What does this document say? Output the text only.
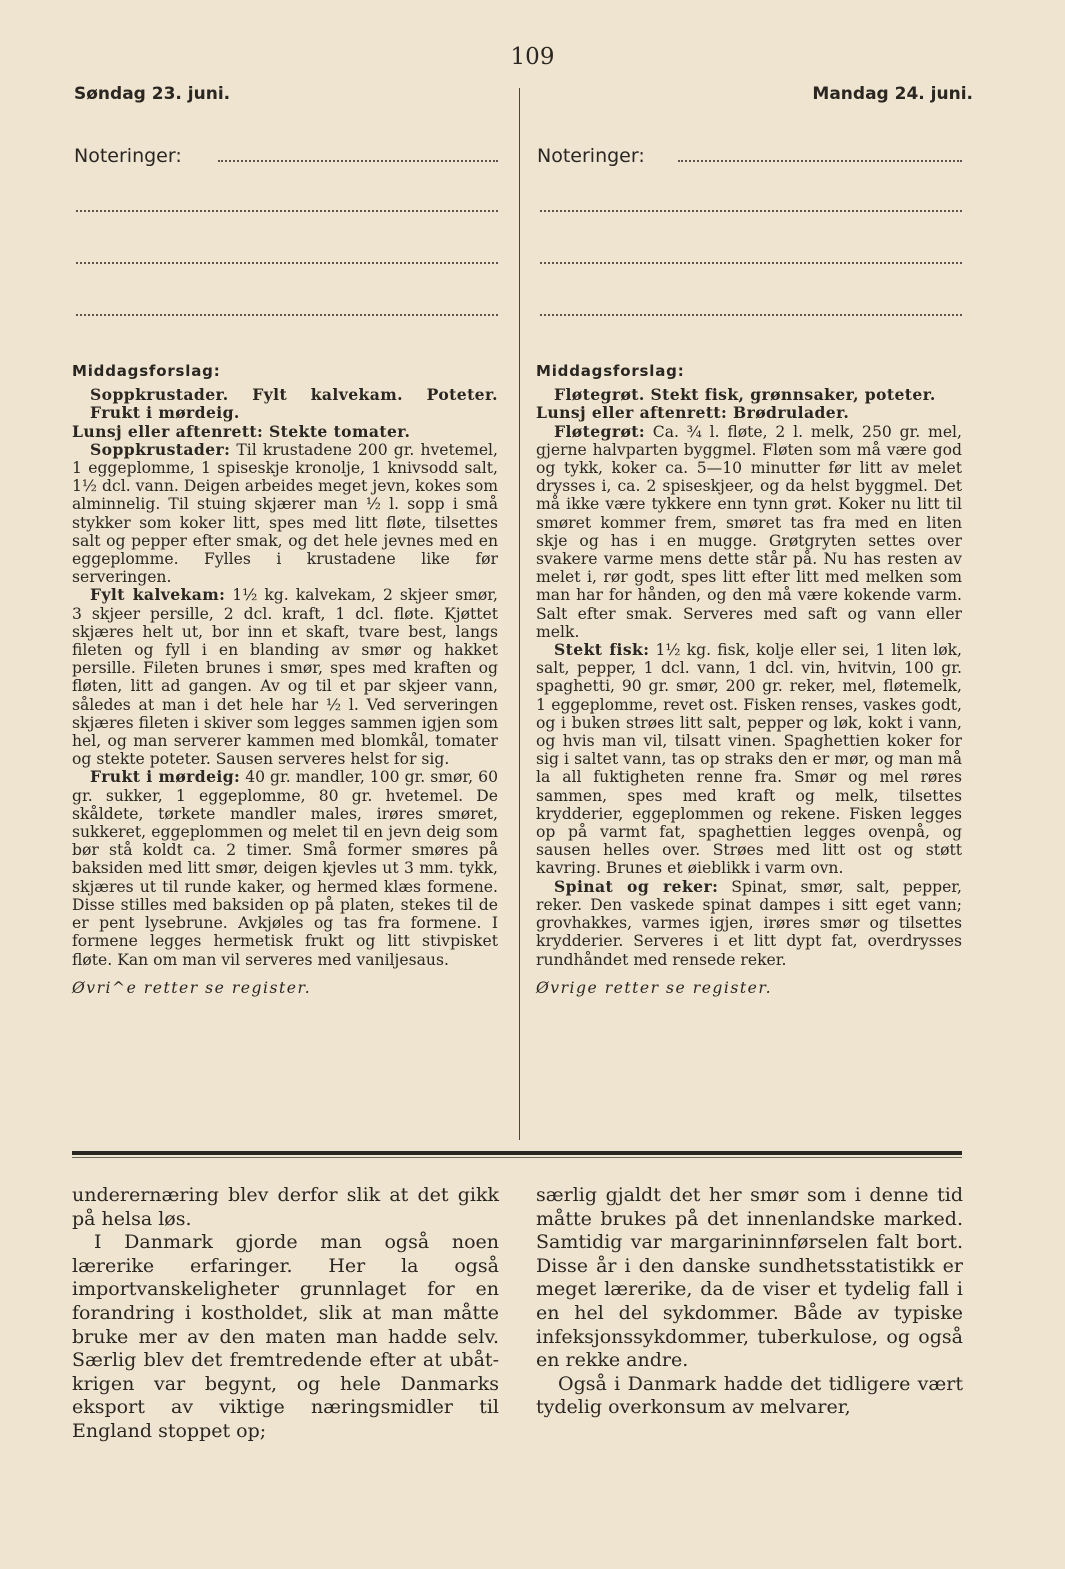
109
Søndag 23. juni.	Mandag 24. juni.
Noteringer:	Noteringer:
Middagsforslag:

Soppkrustader. Fylt kalvekam. Poteter. Frukt i mørdeig.

Lunsj eller aftenrett: Stekte tomater.

Soppkrustader: Til krustadene 200 gr. hvetemel, 1 eggeplomme, 1 spiseskje kronolje, 1 knivsodd salt, 1½ dcl. vann. Deigen arbeides meget jevn, kokes som alminnelig. Til stuing skjærer man ½ l. sopp i små stykker som koker litt, spes med litt fløte, tilsettes salt og pepper efter smak, og det hele jevnes med en eggeplomme. Fylles i krustadene like før serveringen.

Fylt kalvekam: 1½ kg. kalvekam, 2 skjeer smør, 3 skjeer persille, 2 dcl. kraft, 1 dcl. fløte. Kjøttet skjæres helt ut, bor inn et skaft, tvare best, langs fileten og fyll i en blanding av smør og hakket persille. Fileten brunes i smør, spes med kraften og fløten, litt ad gangen. Av og til et par skjeer vann, således at man i det hele har ½ l. Ved serveringen skjæres fileten i skiver som legges sammen igjen som hel, og man serverer kammen med blomkål, tomater og stekte poteter. Sausen serveres helst for sig.

Frukt i mørdeig: 40 gr. mandler, 100 gr. smør, 60 gr. sukker, 1 eggeplomme, 80 gr. hvetemel. De skåldete, tørkete mandler males, irøres smøret, sukkeret, eggeplommen og melet til en jevn deig som bør stå koldt ca. 2 timer. Små former smøres på baksiden med litt smør, deigen kjevles ut 3 mm. tykk, skjæres ut til runde kaker, og hermed klæs formene. Disse stilles med baksiden op på platen, stekes til de er pent lysebrune. Avkjøles og tas fra formene. I formene legges hermetisk frukt og litt stivpisket fløte. Kan om man vil serveres med vaniljesaus.

Øvri^e retter se register.

Middagsforslag:

Fløtegrøt. Stekt fisk, grønnsaker, poteter.

Lunsj eller aftenrett: Brødrulader.

Fløtegrøt: Ca. ¾ l. fløte, 2 l. melk, 250 gr. mel, gjerne halvparten byggmel. Fløten som må være god og tykk, koker ca. 5—10 minutter før litt av melet drysses i, ca. 2 spiseskjeer, og da helst byggmel. Det må ikke være tykkere enn tynn grøt. Koker nu litt til smøret kommer frem, smøret tas fra med en liten skje og has i en mugge. Grøtgryten settes over svakere varme mens dette står på. Nu has resten av melet i, rør godt, spes litt efter litt med melken som man har for hånden, og den må være kokende varm. Salt efter smak. Serveres med saft og vann eller melk.

Stekt fisk: 1½ kg. fisk, kolje eller sei, 1 liten løk, salt, pepper, 1 dcl. vann, 1 dcl. vin, hvitvin, 100 gr. spaghetti, 90 gr. smør, 200 gr. reker, mel, fløtemelk, 1 eggeplomme, revet ost. Fisken renses, vaskes godt, og i buken strøes litt salt, pepper og løk, kokt i vann, og hvis man vil, tilsatt vinen. Spaghettien koker for sig i saltet vann, tas op straks den er mør, og man må la all fuktigheten renne fra. Smør og mel røres sammen, spes med kraft og melk, tilsettes krydderier, eggeplommen og rekene. Fisken legges op på varmt fat, spaghettien legges ovenpå, og sausen helles over. Strøes med litt ost og støtt kavring. Brunes et øieblikk i varm ovn.

Spinat og reker: Spinat, smør, salt, pepper, reker. Den vaskede spinat dampes i sitt eget vann; grovhakkes, varmes igjen, irøres smør og tilsettes krydderier. Serveres i et litt dypt fat, overdrysses rundhåndet med rensede reker.

Øvrige retter se register.

underernæring blev derfor slik at det gikk på helsa løs.

I Danmark gjorde man også noen lærerike erfaringer. Her la også importvanskeligheter grunnlaget for en forandring i kostholdet, slik at man måtte bruke mer av den maten man hadde selv. Særlig blev det fremtredende efter at ubåt-krigen var begynt, og hele Danmarks eksport av viktige næringsmidler til England stoppet op;

særlig gjaldt det her smør som i denne tid måtte brukes på det innenlandske marked. Samtidig var margarininnførselen falt bort. Disse år i den danske sundhetsstatistikk er meget lærerike, da de viser et tydelig fall i en hel del sykdommer. Både av typiske infeksjonssykdommer, tuberkulose, og også en rekke andre.

Også i Danmark hadde det tidligere vært tydelig overkonsum av melvarer,
